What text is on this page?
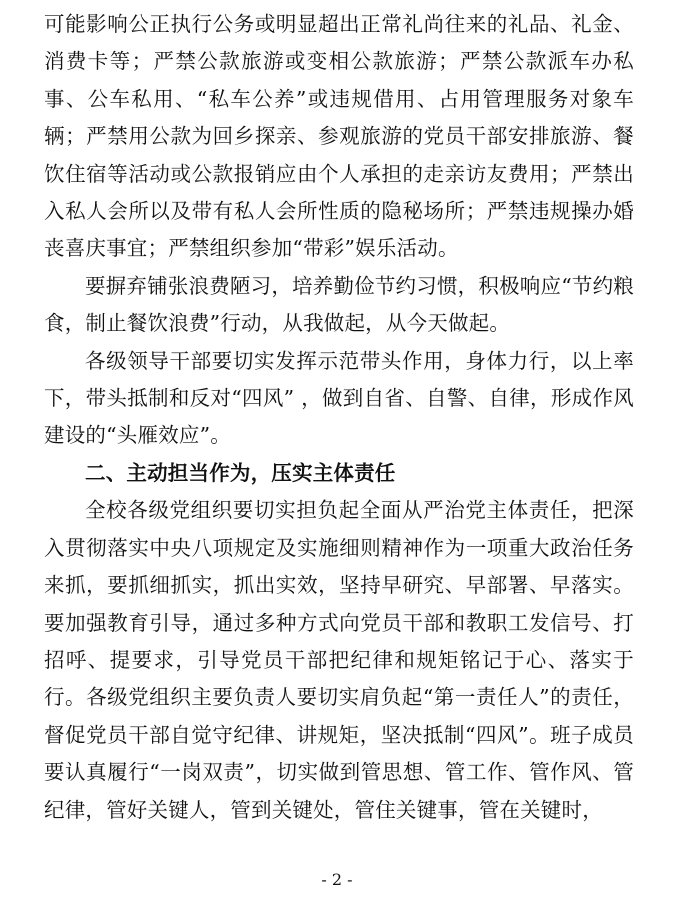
可能影响公正执行公务或明显超出正常礼尚往来的礼品、礼金、消费卡等；严禁公款旅游或变相公款旅游；严禁公款派车办私事、公车私用、“私车公养”或违规借用、占用管理服务对象车辆；严禁用公款为回乡探亲、参观旅游的党员干部安排旅游、餐饮住宿等活动或公款报销应由个人承担的走亲访友费用；严禁出入私人会所以及带有私人会所性质的隐秘场所；严禁违规操办婚丧喜庆事宜；严禁组织参加“带彩”娱乐活动。

要摒弃铺张浪费陋习，培养勤俭节约习惯，积极响应“节约粮食，制止餐饮浪费”行动，从我做起，从今天做起。

各级领导干部要切实发挥示范带头作用，身体力行，以上率下，带头抵制和反对“四风” ，做到自省、自警、自律，形成作风建设的“头雁效应”。

二、主动担当作为，压实主体责任

全校各级党组织要切实担负起全面从严治党主体责任，把深入贯彻落实中央八项规定及实施细则精神作为一项重大政治任务来抓，要抓细抓实，抓出实效，坚持早研究、早部署、早落实。要加强教育引导，通过多种方式向党员干部和教职工发信号、打招呼、提要求，引导党员干部把纪律和规矩铭记于心、落实于行。各级党组织主要负责人要切实肩负起“第一责任人”的责任，督促党员干部自觉守纪律、讲规矩，坚决抵制“四风”。班子成员要认真履行“一岗双责”，切实做到管思想、管工作、管作风、管纪律，管好关键人，管到关键处，管住关键事，管在关键时，

- 2 -
